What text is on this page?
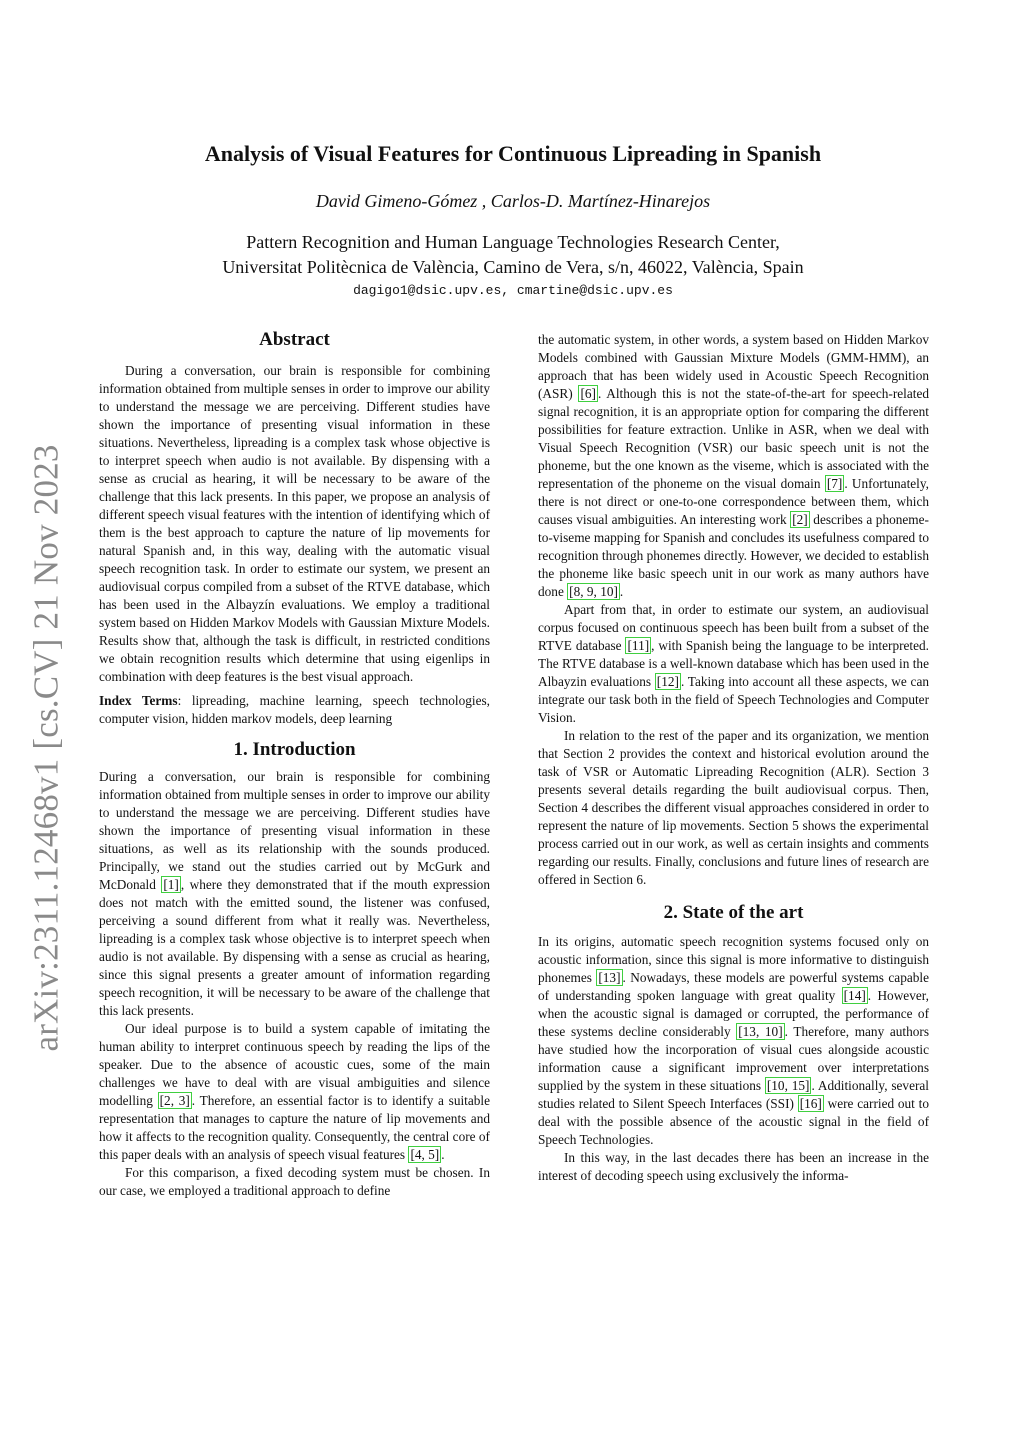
arXiv:2311.12468v1 [cs.CV] 21 Nov 2023
Analysis of Visual Features for Continuous Lipreading in Spanish
David Gimeno-Gómez , Carlos-D. Martínez-Hinarejos
Pattern Recognition and Human Language Technologies Research Center,
Universitat Politècnica de València, Camino de Vera, s/n, 46022, València, Spain
dagigo1@dsic.upv.es, cmartine@dsic.upv.es
Abstract

During a conversation, our brain is responsible for combining information obtained from multiple senses in order to improve our ability to understand the message we are perceiving. Different studies have shown the importance of presenting visual information in these situations. Nevertheless, lipreading is a complex task whose objective is to interpret speech when audio is not available. By dispensing with a sense as crucial as hearing, it will be necessary to be aware of the challenge that this lack presents. In this paper, we propose an analysis of different speech visual features with the intention of identifying which of them is the best approach to capture the nature of lip movements for natural Spanish and, in this way, dealing with the automatic visual speech recognition task. In order to estimate our system, we present an audiovisual corpus compiled from a subset of the RTVE database, which has been used in the Albayzín evaluations. We employ a traditional system based on Hidden Markov Models with Gaussian Mixture Models. Results show that, although the task is difficult, in restricted conditions we obtain recognition results which determine that using eigenlips in combination with deep features is the best visual approach.

Index Terms: lipreading, machine learning, speech technologies, computer vision, hidden markov models, deep learning

1. Introduction

During a conversation, our brain is responsible for combining information obtained from multiple senses in order to improve our ability to understand the message we are perceiving. Different studies have shown the importance of presenting visual information in these situations, as well as its relationship with the sounds produced. Principally, we stand out the studies carried out by McGurk and McDonald [1] , where they demonstrated that if the mouth expression does not match with the emitted sound, the listener was confused, perceiving a sound different from what it really was. Nevertheless, lipreading is a complex task whose objective is to interpret speech when audio is not available. By dispensing with a sense as crucial as hearing, since this signal presents a greater amount of information regarding speech recognition, it will be necessary to be aware of the challenge that this lack presents.

Our ideal purpose is to build a system capable of imitating the human ability to interpret continuous speech by reading the lips of the speaker. Due to the absence of acoustic cues, some of the main challenges we have to deal with are visual ambiguities and silence modelling [2, 3] . Therefore, an essential factor is to identify a suitable representation that manages to capture the nature of lip movements and how it affects to the recognition quality. Consequently, the central core of this paper deals with an analysis of speech visual features [4, 5] .

For this comparison, a fixed decoding system must be chosen. In our case, we employed a traditional approach to define

the automatic system, in other words, a system based on Hidden Markov Models combined with Gaussian Mixture Models (GMM-HMM), an approach that has been widely used in Acoustic Speech Recognition (ASR) [6] . Although this is not the state-of-the-art for speech-related signal recognition, it is an appropriate option for comparing the different possibilities for feature extraction. Unlike in ASR, when we deal with Visual Speech Recognition (VSR) our basic speech unit is not the phoneme, but the one known as the viseme, which is associated with the representation of the phoneme on the visual domain [7] . Unfortunately, there is not direct or one-to-one correspondence between them, which causes visual ambiguities. An interesting work [2] describes a phoneme-to-viseme mapping for Spanish and concludes its usefulness compared to recognition through phonemes directly. However, we decided to establish the phoneme like basic speech unit in our work as many authors have done [8, 9, 10] .

Apart from that, in order to estimate our system, an audiovisual corpus focused on continuous speech has been built from a subset of the RTVE database [11] , with Spanish being the language to be interpreted. The RTVE database is a well-known database which has been used in the Albayzin evaluations [12] . Taking into account all these aspects, we can integrate our task both in the field of Speech Technologies and Computer Vision.

In relation to the rest of the paper and its organization, we mention that Section 2 provides the context and historical evolution around the task of VSR or Automatic Lipreading Recognition (ALR). Section 3 presents several details regarding the built audiovisual corpus. Then, Section 4 describes the different visual approaches considered in order to represent the nature of lip movements. Section 5 shows the experimental process carried out in our work, as well as certain insights and comments regarding our results. Finally, conclusions and future lines of research are offered in Section 6.

2. State of the art

In its origins, automatic speech recognition systems focused only on acoustic information, since this signal is more informative to distinguish phonemes [13] . Nowadays, these models are powerful systems capable of understanding spoken language with great quality [14] . However, when the acoustic signal is damaged or corrupted, the performance of these systems decline considerably [13, 10] . Therefore, many authors have studied how the incorporation of visual cues alongside acoustic information cause a significant improvement over interpretations supplied by the system in these situations [10, 15] . Additionally, several studies related to Silent Speech Interfaces (SSI) [16] were carried out to deal with the possible absence of the acoustic signal in the field of Speech Technologies.

In this way, in the last decades there has been an increase in the interest of decoding speech using exclusively the informa-
